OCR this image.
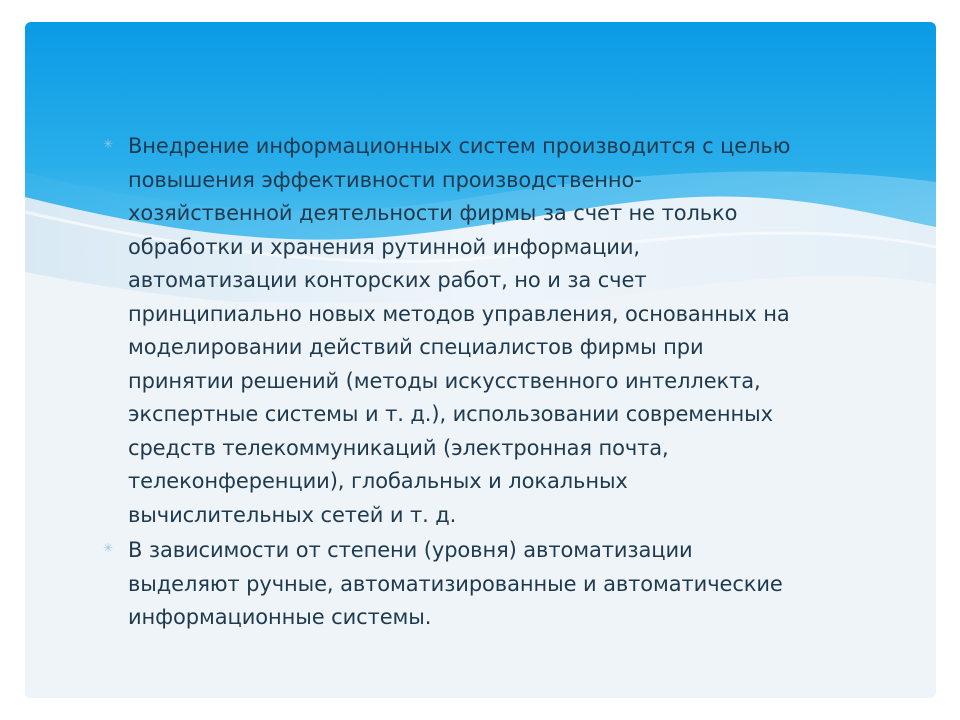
✳ Внедрение информационных систем производится с целью
повышения эффективности производственно-
хозяйственной деятельности фирмы за счет не только
обработки и хранения рутинной информации,
автоматизации конторских работ, но и за счет
принципиально новых методов управления, основанных на
моделировании действий специалистов фирмы при
принятии решений (методы искусственного интеллекта,
экспертные системы и т. д.), использовании современных
средств телекоммуникаций (электронная почта,
телеконференции), глобальных и локальных
вычислительных сетей и т. д.
✳ В зависимости от степени (уровня) автоматизации
выделяют ручные, автоматизированные и автоматические
информационные системы.
